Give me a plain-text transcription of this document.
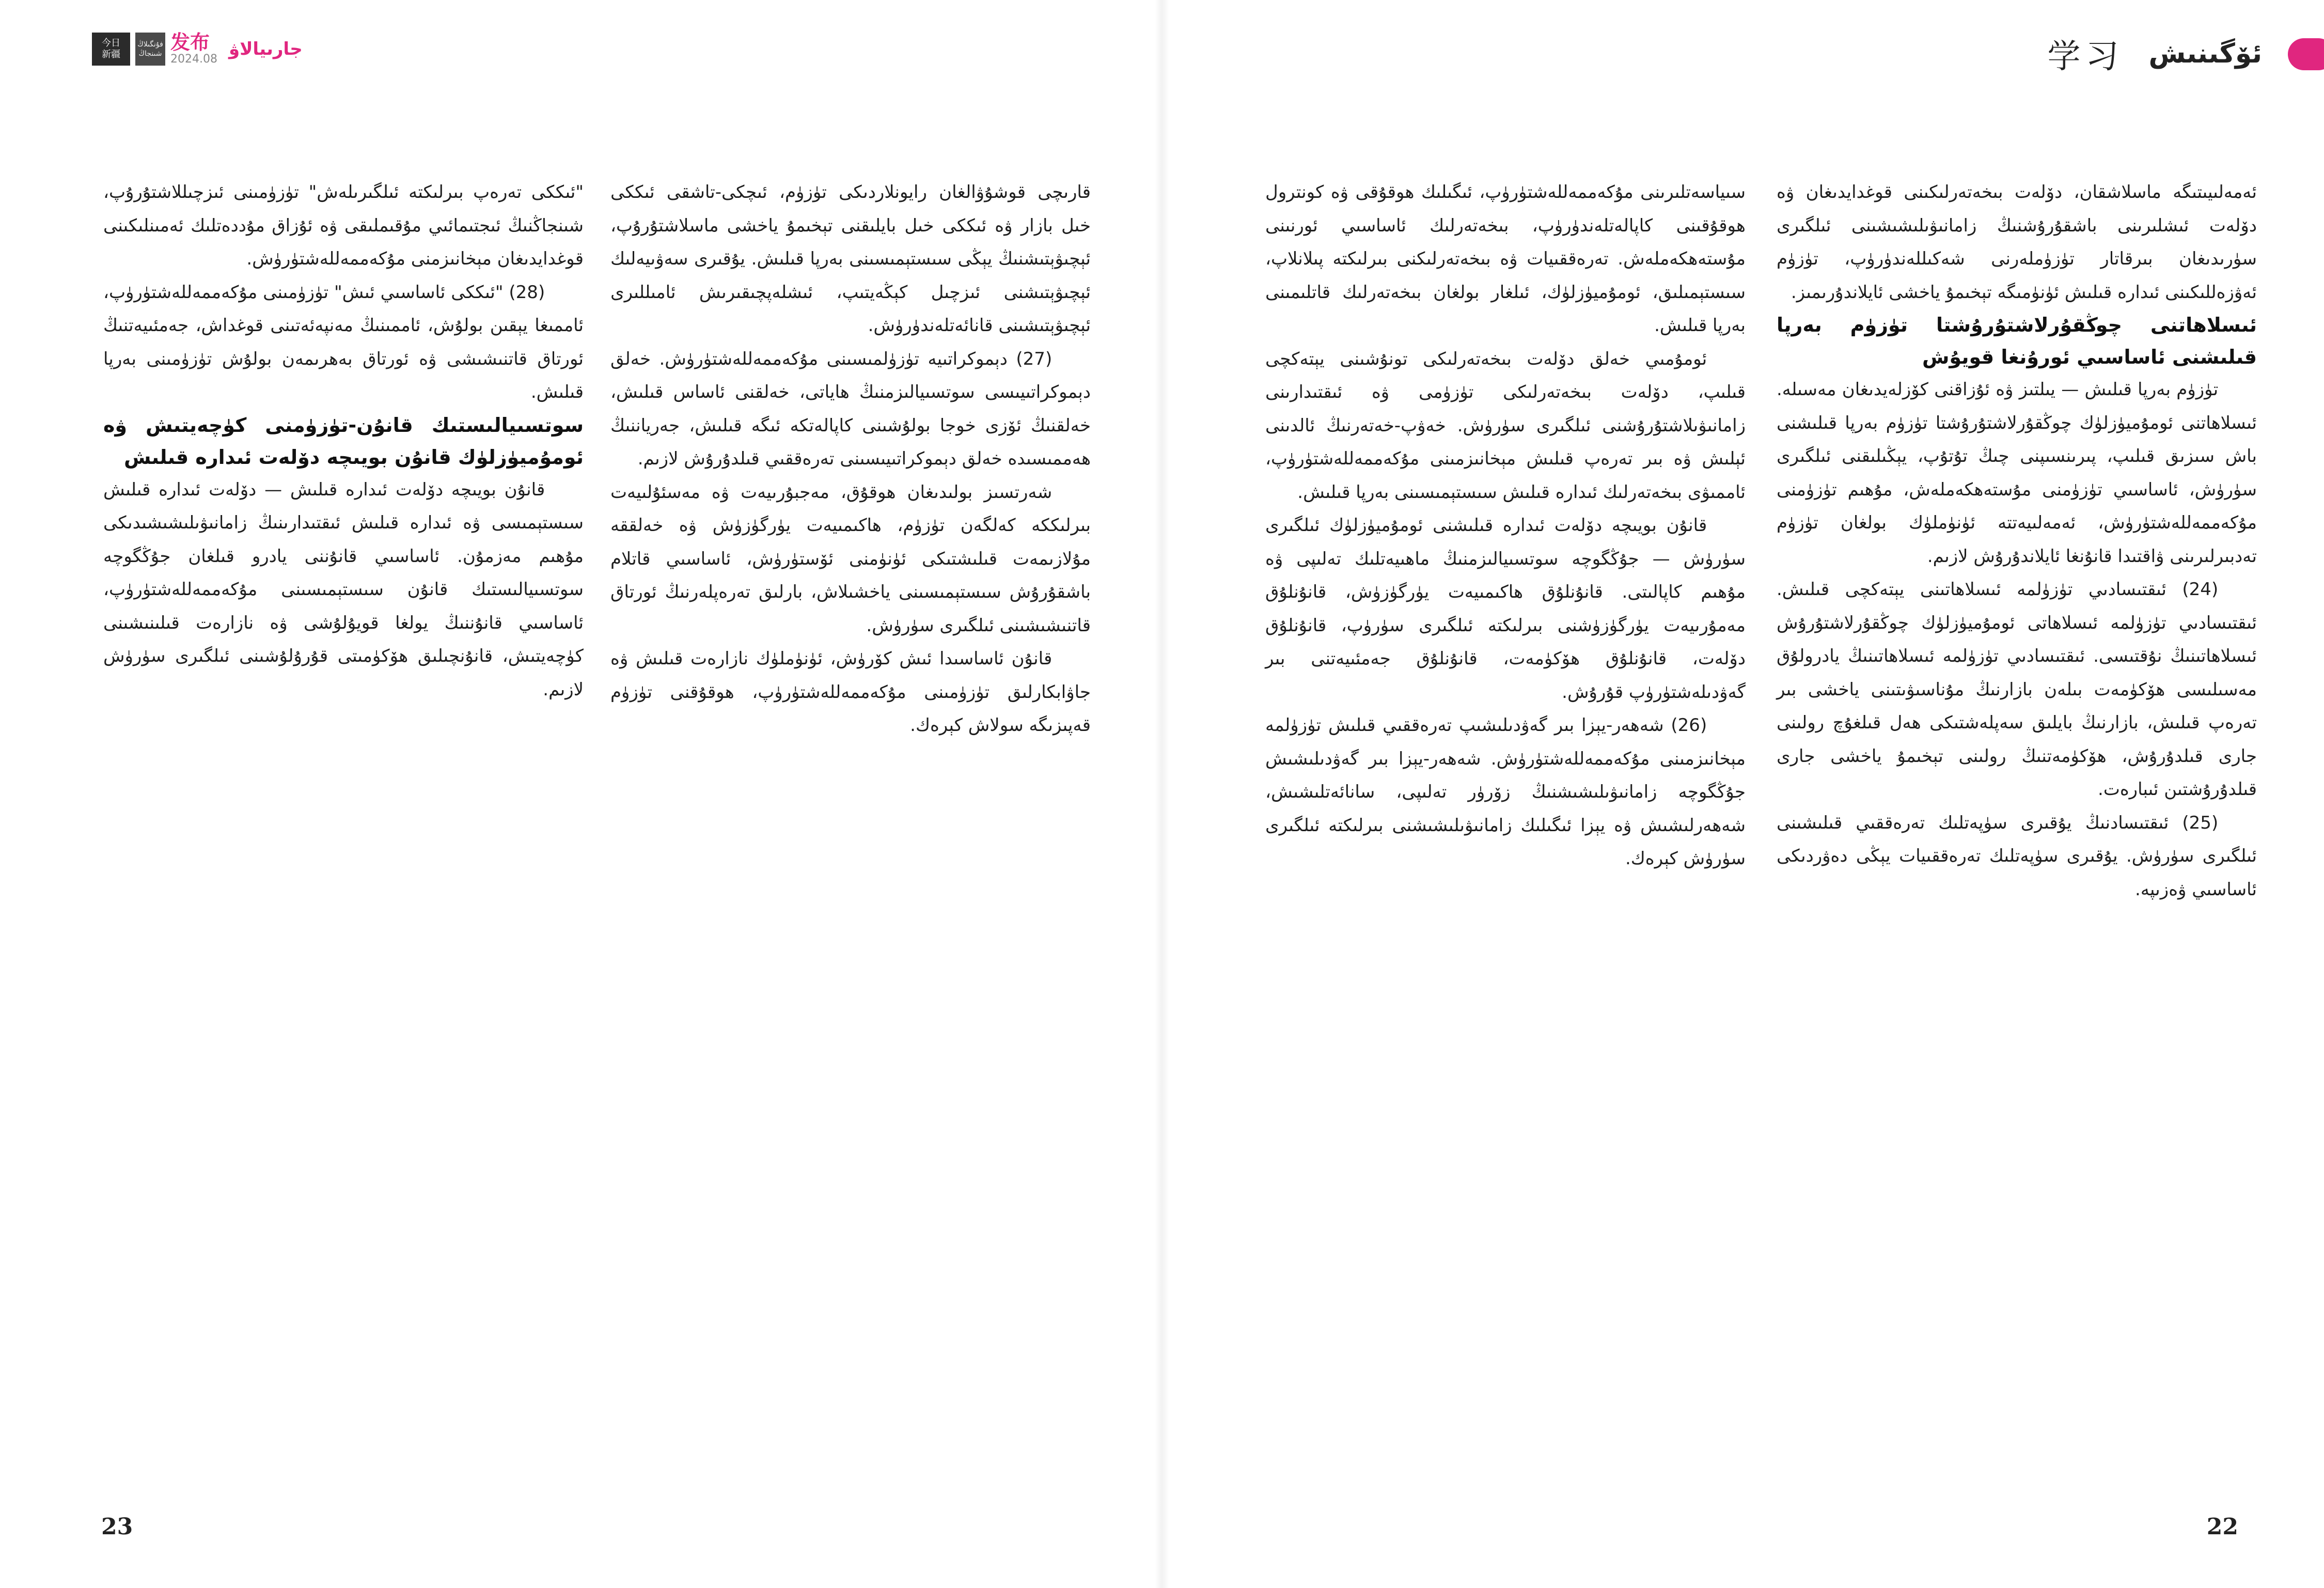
今日
新疆
فۇنگىلاڭ
شىنجاڭ 发布
2024.08 جارىيالاۋ

"ئىككى تەرەپ بىرلىكتە ئىلگىرىلەش" تۈزۈمىنى ئىزچىللاشتۇرۇپ، شىنجاڭنىڭ ئىجتىمائىي مۇقىملىقى ۋە ئۇزاق مۇددەتلىك ئەمىنلىكىنى قوغدايدىغان مېخانىزمنى مۇكەممەللەشتۈرۈش.

(28) "ئىككى ئاساسىي ئىش" تۈزۈمىنى مۇكەممەللەشتۈرۈپ، ئاممىغا يېقىن بولۇش، ئاممىنىڭ مەنپەئەتىنى قوغداش، جەمئىيەتنىڭ ئورتاق قاتنىشىشى ۋە ئورتاق بەھرىمەن بولۇش تۈزۈمىنى بەرپا قىلىش.

سوتسىيالىستىك قانۇن-تۈزۈمنى كۈچەيتىش ۋە ئومۇميۈزلۈك قانۇن بويىچە دۆلەت ئىدارە قىلىش

قانۇن بويىچە دۆلەت ئىدارە قىلىش — دۆلەت ئىدارە قىلىش سىستېمىسى ۋە ئىدارە قىلىش ئىقتىدارىنىڭ زامانىۋىلىشىشىدىكى مۇھىم مەزمۇن. ئاساسىي قانۇننى يادرو قىلغان جۇڭگوچە سوتسىيالىستىك قانۇن سىستېمىسىنى مۇكەممەللەشتۈرۈپ، ئاساسىي قانۇننىڭ يولغا قويۇلۇشى ۋە نازارەت قىلىنىشىنى كۈچەيتىش، قانۇنچىلىق ھۆكۈمىتى قۇرۇلۇشىنى ئىلگىرى سۈرۈش لازىم.

قارىچى قوشۇۋالغان رايونلاردىكى تۈزۈم، ئىچكى-تاشقى ئىككى خىل بازار ۋە ئىككى خىل بايلىقنى تېخىمۇ ياخشى ماسلاشتۇرۇپ، ئېچىۋېتىشنىڭ يېڭى سىستېمىسىنى بەرپا قىلىش. يۇقىرى سەۋىيەلىك ئېچىۋېتىشنى ئىزچىل كېڭەيتىپ، ئىشلەپچىقىرىش ئامىللىرى ئېچىۋېتىشىنى قانائەتلەندۈرۈش.

(27) دېموكراتىيە تۈزۈلمىسىنى مۇكەممەللەشتۈرۈش. خەلق دېموكراتىيىسى سوتسىيالىزمنىڭ ھاياتى، خەلقنى ئاساس قىلىش، خەلقنىڭ ئۆزى خوجا بولۇشىنى كاپالەتكە ئىگە قىلىش، جەرياننىڭ ھەممىسىدە خەلق دېموكراتىيىسىنى تەرەققىي قىلدۇرۇش لازىم.

شەرتسىز بولىدىغان ھوقۇق، مەجبۇرىيەت ۋە مەسئۇلىيەت بىرلىككە كەلگەن تۈزۈم، ھاكىمىيەت يۈرگۈزۈش ۋە خەلققە مۇلازىمەت قىلىشتىكى ئۈنۈمنى ئۆستۈرۈش، ئاساسىي قاتلام باشقۇرۇش سىستېمىسىنى ياخشىلاش، بارلىق تەرەپلەرنىڭ ئورتاق قاتنىشىشىنى ئىلگىرى سۈرۈش.

قانۇن ئاساسىدا ئىش كۆرۈش، ئۈنۈملۈك نازارەت قىلىش ۋە جاۋابكارلىق تۈزۈمىنى مۇكەممەللەشتۈرۈپ، ھوقۇقنى تۈزۈم قەپىزىگە سولاش كېرەك.

23
学习 ئۆگىنىش

سىياسەتلىرىنى مۇكەممەللەشتۈرۈپ، ئىگىلىك ھوقۇقى ۋە كونترول ھوقۇقىنى كاپالەتلەندۈرۈپ، بىخەتەرلىك ئاساسىي ئورنىنى مۇستەھكەملەش. تەرەققىيات ۋە بىخەتەرلىكنى بىرلىكتە پىلانلاپ، سىستېمىلىق، ئومۇميۈزلۈك، ئىلغار بولغان بىخەتەرلىك قاتلىمىنى بەرپا قىلىش.

ئومۇمىي خەلق دۆلەت بىخەتەرلىكى تونۇشىنى يېتەكچى قىلىپ، دۆلەت بىخەتەرلىكى تۈزۈمى ۋە ئىقتىدارىنى زامانىۋىلاشتۇرۇشنى ئىلگىرى سۈرۈش. خەۋپ-خەتەرنىڭ ئالدىنى ئېلىش ۋە بىر تەرەپ قىلىش مېخانىزمىنى مۇكەممەللەشتۈرۈپ، ئاممىۋى بىخەتەرلىك ئىدارە قىلىش سىستېمىسىنى بەرپا قىلىش.

قانۇن بويىچە دۆلەت ئىدارە قىلىشنى ئومۇميۈزلۈك ئىلگىرى سۈرۈش — جۇڭگوچە سوتسىيالىزمنىڭ ماھىيەتلىك تەلىپى ۋە مۇھىم كاپالىتى. قانۇنلۇق ھاكىمىيەت يۈرگۈزۈش، قانۇنلۇق مەمۇرىيەت يۈرگۈزۈشنى بىرلىكتە ئىلگىرى سۈرۈپ، قانۇنلۇق دۆلەت، قانۇنلۇق ھۆكۈمەت، قانۇنلۇق جەمئىيەتنى بىر گەۋدىلەشتۈرۈپ قۇرۇش.

(26) شەھەر-يېزا بىر گەۋدىلىشىپ تەرەققىي قىلىش تۈزۈلمە مېخانىزمىنى مۇكەممەللەشتۈرۈش. شەھەر-يېزا بىر گەۋدىلىشىش جۇڭگوچە زامانىۋىلىشىشنىڭ زۆرۈر تەلىپى، سانائەتلىشىش، شەھەرلىشىش ۋە يېزا ئىگىلىك زامانىۋىلىشىشنى بىرلىكتە ئىلگىرى سۈرۈش كېرەك.

ئەمەلىيىتىگە ماسلاشقان، دۆلەت بىخەتەرلىكىنى قوغدايدىغان ۋە دۆلەت ئىشلىرىنى باشقۇرۇشنىڭ زامانىۋىلىشىشىنى ئىلگىرى سۈرىدىغان بىرقاتار تۈزۈملەرنى شەكىللەندۈرۈپ، تۈزۈم ئەۋزەللىكىنى ئىدارە قىلىش ئۈنۈمىگە تېخىمۇ ياخشى ئايلاندۇرىمىز.

ئىسلاھاتنى چوڭقۇرلاشتۇرۇشتا تۈزۈم بەرپا قىلىشنى ئاساسىي ئورۇنغا قويۇش

تۈزۈم بەرپا قىلىش — يىلتىز ۋە ئۇزاقنى كۆزلەيدىغان مەسىلە. ئىسلاھاتنى ئومۇميۈزلۈك چوڭقۇرلاشتۇرۇشتا تۈزۈم بەرپا قىلىشنى باش سىزىق قىلىپ، پىرىنسىپنى چىڭ تۇتۇپ، يېڭىلىقنى ئىلگىرى سۈرۈش، ئاساسىي تۈزۈمنى مۇستەھكەملەش، مۇھىم تۈزۈمنى مۇكەممەللەشتۈرۈش، ئەمەلىيەتتە ئۈنۈملۈك بولغان تۈزۈم تەدبىرلىرىنى ۋاقتىدا قانۇنغا ئايلاندۇرۇش لازىم.

(24) ئىقتىسادىي تۈزۈلمە ئىسلاھاتىنى يېتەكچى قىلىش. ئىقتىسادىي تۈزۈلمە ئىسلاھاتى ئومۇميۈزلۈك چوڭقۇرلاشتۇرۇش ئىسلاھاتىنىڭ نۇقتىسى. ئىقتىسادىي تۈزۈلمە ئىسلاھاتىنىڭ يادرولۇق مەسىلىسى ھۆكۈمەت بىلەن بازارنىڭ مۇناسىۋىتىنى ياخشى بىر تەرەپ قىلىش، بازارنىڭ بايلىق سەپلەشتىكى ھەل قىلغۇچ رولىنى جارى قىلدۇرۇش، ھۆكۈمەتنىڭ رولىنى تېخىمۇ ياخشى جارى قىلدۇرۇشتىن ئىبارەت.

(25) ئىقتىسادنىڭ يۇقىرى سۈپەتلىك تەرەققىي قىلىشىنى ئىلگىرى سۈرۈش. يۇقىرى سۈپەتلىك تەرەققىيات يېڭى دەۋردىكى ئاساسىي ۋەزىپە.

22
